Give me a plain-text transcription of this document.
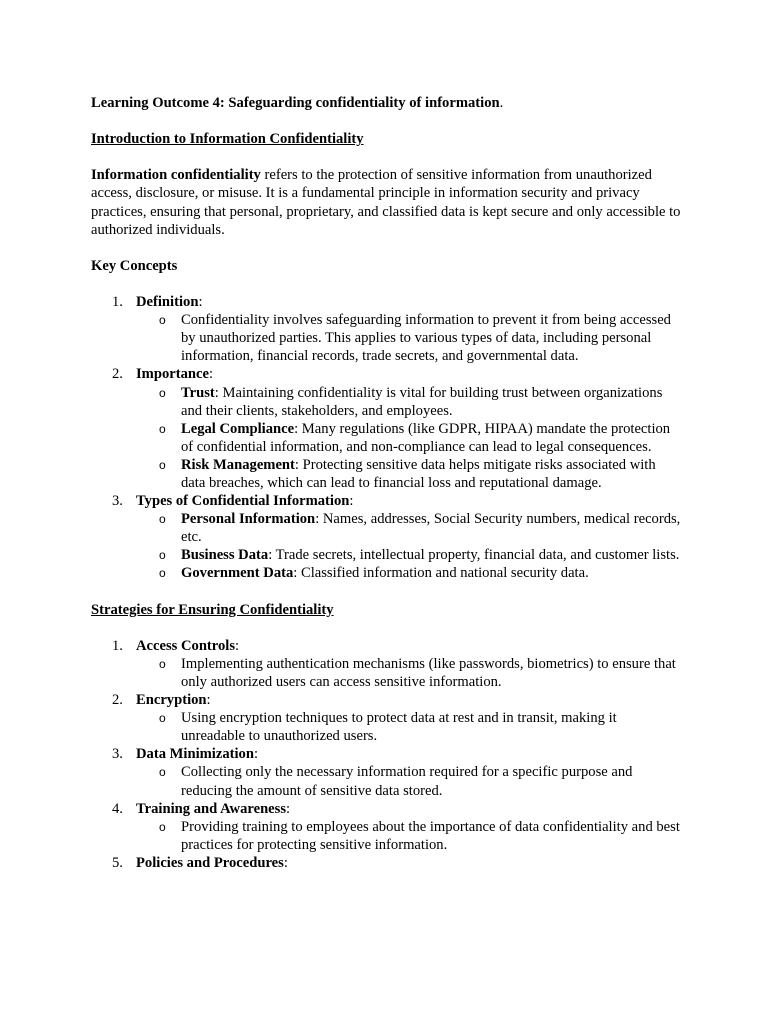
Learning Outcome 4: Safeguarding confidentiality of information.

Introduction to Information Confidentiality

Information confidentiality refers to the protection of sensitive information from unauthorized access, disclosure, or misuse. It is a fundamental principle in information security and privacy practices, ensuring that personal, proprietary, and classified data is kept secure and only accessible to authorized individuals.

Key Concepts

1. Definition:
o Confidentiality involves safeguarding information to prevent it from being accessed by unauthorized parties. This applies to various types of data, including personal information, financial records, trade secrets, and governmental data.
2. Importance:
o Trust: Maintaining confidentiality is vital for building trust between organizations and their clients, stakeholders, and employees.
o Legal Compliance: Many regulations (like GDPR, HIPAA) mandate the protection of confidential information, and non-compliance can lead to legal consequences.
o Risk Management: Protecting sensitive data helps mitigate risks associated with data breaches, which can lead to financial loss and reputational damage.
3. Types of Confidential Information:
o Personal Information: Names, addresses, Social Security numbers, medical records, etc.
o Business Data: Trade secrets, intellectual property, financial data, and customer lists.
o Government Data: Classified information and national security data.

Strategies for Ensuring Confidentiality

1. Access Controls:
o Implementing authentication mechanisms (like passwords, biometrics) to ensure that only authorized users can access sensitive information.
2. Encryption:
o Using encryption techniques to protect data at rest and in transit, making it unreadable to unauthorized users.
3. Data Minimization:
o Collecting only the necessary information required for a specific purpose and reducing the amount of sensitive data stored.
4. Training and Awareness:
o Providing training to employees about the importance of data confidentiality and best practices for protecting sensitive information.
5. Policies and Procedures:
